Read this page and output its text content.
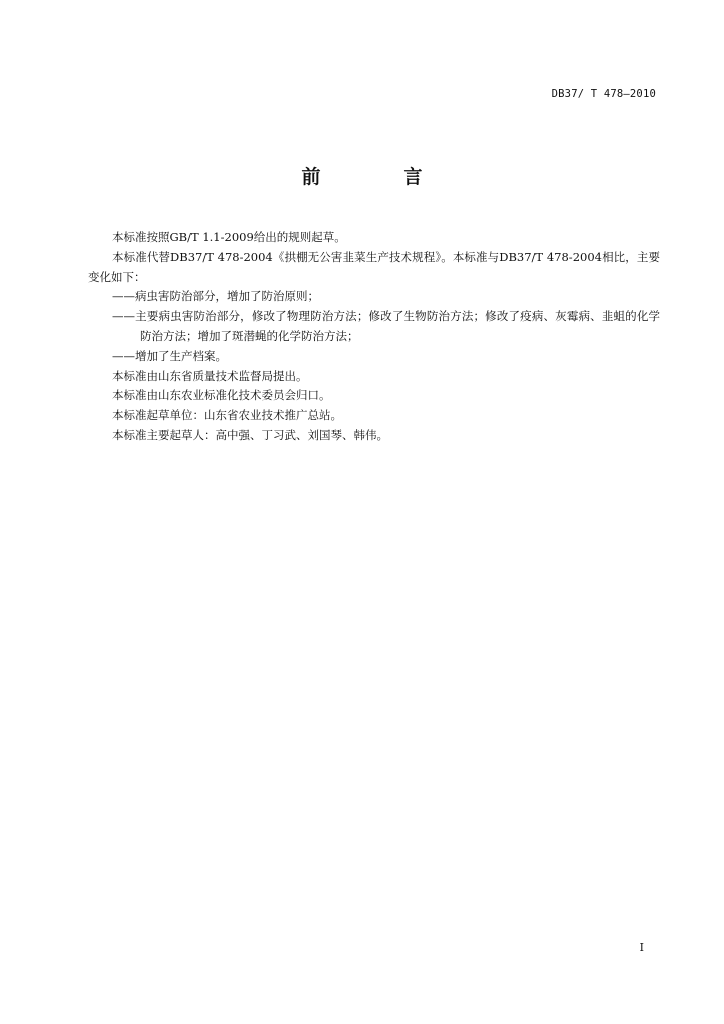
DB37/ T 478—2010
前　言

本标准按照GB/T 1.1-2009给出的规则起草。

本标准代替DB37/T 478-2004《拱棚无公害韭菜生产技术规程》。本标准与DB37/T 478-2004相比，主要变化如下：

——病虫害防治部分，增加了防治原则；

——主要病虫害防治部分，修改了物理防治方法；修改了生物防治方法；修改了疫病、灰霉病、韭蛆的化学防治方法；增加了斑潜蝇的化学防治方法；

——增加了生产档案。

本标准由山东省质量技术监督局提出。

本标准由山东农业标准化技术委员会归口。

本标准起草单位：山东省农业技术推广总站。

本标准主要起草人：高中强、丁习武、刘国琴、韩伟。

I
